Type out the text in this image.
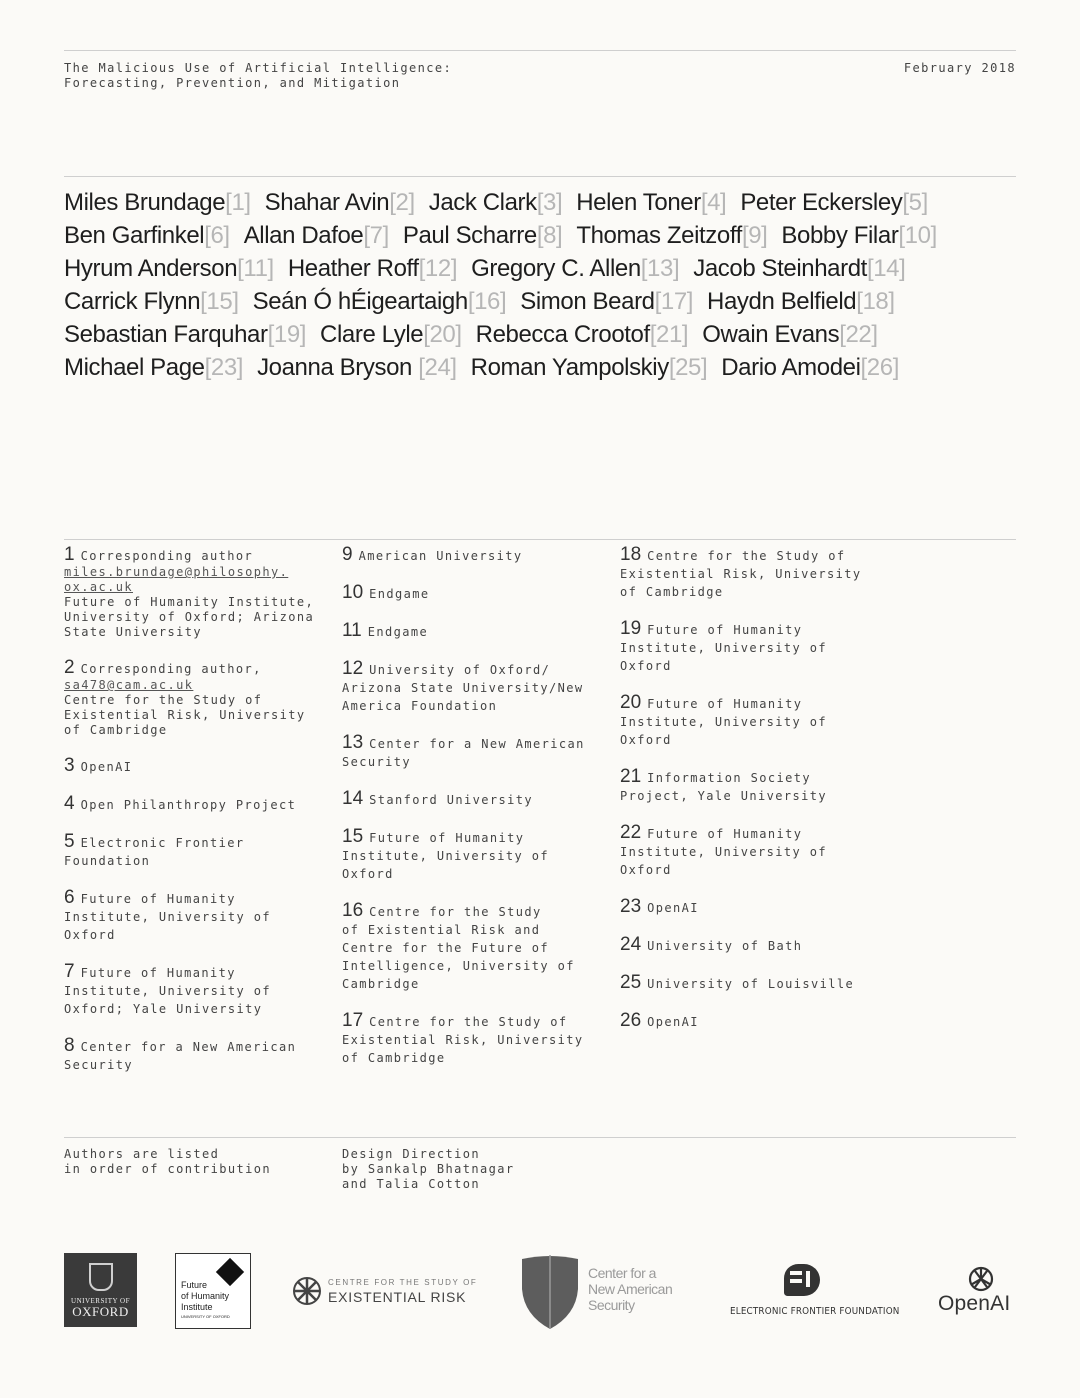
The Malicious Use of Artificial Intelligence:
Forecasting, Prevention, and Mitigation
February 2018
Miles Brundage[1] Shahar Avin[2] Jack Clark[3] Helen Toner[4] Peter Eckersley[5]
Ben Garfinkel[6] Allan Dafoe[7] Paul Scharre[8] Thomas Zeitzoff[9] Bobby Filar[10]
Hyrum Anderson[11] Heather Roff[12] Gregory C. Allen[13] Jacob Steinhardt[14]
Carrick Flynn[15] Seán Ó hÉigeartaigh[16] Simon Beard[17] Haydn Belfield[18]
Sebastian Farquhar[19] Clare Lyle[20] Rebecca Crootof[21] Owain Evans[22]
Michael Page[23] Joanna Bryson [24] Roman Yampolskiy[25] Dario Amodei[26]
1 Corresponding author
miles.brundage@philosophy.
ox.ac.uk
Future of Humanity Institute,
University of Oxford; Arizona
State University
2 Corresponding author,
sa478@cam.ac.uk
Centre for the Study of
Existential Risk, University
of Cambridge
3 OpenAI
4 Open Philanthropy Project
5 Electronic Frontier
Foundation
6 Future of Humanity
Institute, University of
Oxford
7 Future of Humanity
Institute, University of
Oxford; Yale University
8 Center for a New American
Security
9 American University
10 Endgame
11 Endgame
12 University of Oxford/
Arizona State University/New
America Foundation
13 Center for a New American
Security
14 Stanford University
15 Future of Humanity
Institute, University of
Oxford
16 Centre for the Study
of Existential Risk and
Centre for the Future of
Intelligence, University of
Cambridge
17 Centre for the Study of
Existential Risk, University
of Cambridge
18 Centre for the Study of
Existential Risk, University
of Cambridge
19 Future of Humanity
Institute, University of
Oxford
20 Future of Humanity
Institute, University of
Oxford
21 Information Society
Project, Yale University
22 Future of Humanity
Institute, University of
Oxford
23 OpenAI
24 University of Bath
25 University of Louisville
26 OpenAI
Authors are listed
in order of contribution
Design Direction
by Sankalp Bhatnagar
and Talia Cotton
UNIVERSITY OF
OXFORD
Future
of Humanity
Institute
UNIVERSITY OF OXFORD
CENTRE FOR THE STUDY OF
EXISTENTIAL RISK
Center for a
New American
Security	ELECTRONIC FRONTIER FOUNDATION OpenAI
